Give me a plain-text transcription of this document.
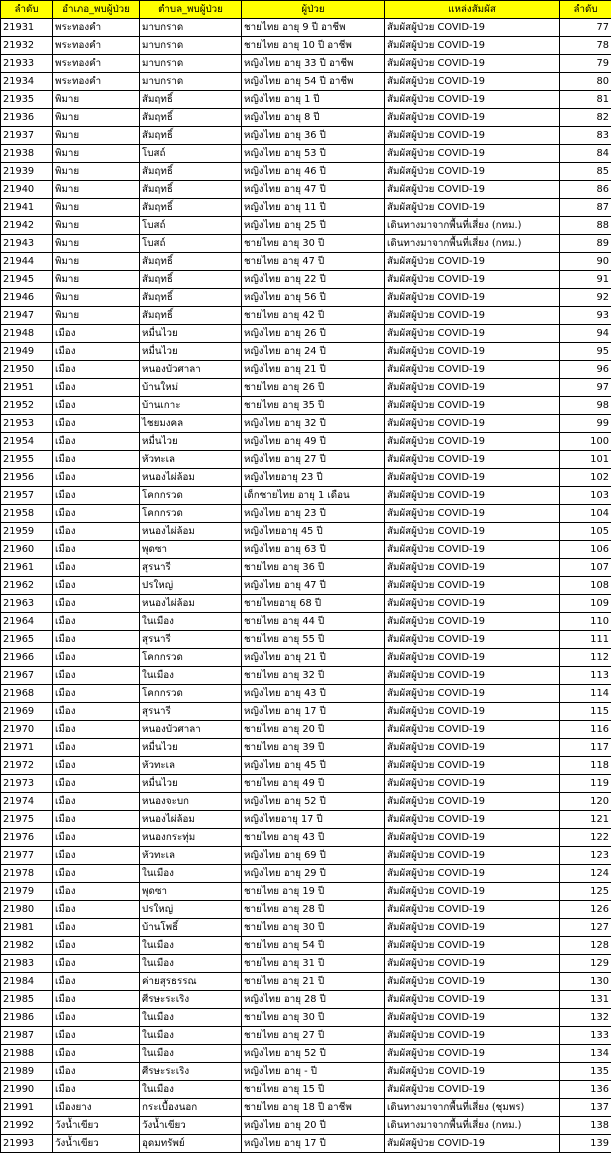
ลำดับ	อำเภอ_พบผู้ป่วย	ตำบล_พบผู้ป่วย	ผู้ป่วย	แหล่งสัมผัส	ลำดับ
21931	พระทองคำ	มาบกราด	ชายไทย อายุ 9 ปี อาชีพ	สัมผัสผู้ป่วย COVID-19	77
21932	พระทองคำ	มาบกราด	ชายไทย อายุ 10 ปี อาชีพ	สัมผัสผู้ป่วย COVID-19	78
21933	พระทองคำ	มาบกราด	หญิงไทย อายุ 33 ปี อาชีพ	สัมผัสผู้ป่วย COVID-19	79
21934	พระทองคำ	มาบกราด	หญิงไทย อายุ 54 ปี อาชีพ	สัมผัสผู้ป่วย COVID-19	80
21935	พิมาย	สัมฤทธิ์	หญิงไทย อายุ 1 ปี	สัมผัสผู้ป่วย COVID-19	81
21936	พิมาย	สัมฤทธิ์	หญิงไทย อายุ 8 ปี	สัมผัสผู้ป่วย COVID-19	82
21937	พิมาย	สัมฤทธิ์	หญิงไทย อายุ 36 ปี	สัมผัสผู้ป่วย COVID-19	83
21938	พิมาย	โบสถ์	หญิงไทย อายุ 53 ปี	สัมผัสผู้ป่วย COVID-19	84
21939	พิมาย	สัมฤทธิ์	หญิงไทย อายุ 46 ปี	สัมผัสผู้ป่วย COVID-19	85
21940	พิมาย	สัมฤทธิ์	หญิงไทย อายุ 47 ปี	สัมผัสผู้ป่วย COVID-19	86
21941	พิมาย	สัมฤทธิ์	หญิงไทย อายุ 11 ปี	สัมผัสผู้ป่วย COVID-19	87
21942	พิมาย	โบสถ์	หญิงไทย อายุ 25 ปี	เดินทางมาจากพื้นที่เสี่ยง (กทม.)	88
21943	พิมาย	โบสถ์	ชายไทย อายุ 30 ปี	เดินทางมาจากพื้นที่เสี่ยง (กทม.)	89
21944	พิมาย	สัมฤทธิ์	ชายไทย อายุ 47 ปี	สัมผัสผู้ป่วย COVID-19	90
21945	พิมาย	สัมฤทธิ์	หญิงไทย อายุ 22 ปี	สัมผัสผู้ป่วย COVID-19	91
21946	พิมาย	สัมฤทธิ์	หญิงไทย อายุ 56 ปี	สัมผัสผู้ป่วย COVID-19	92
21947	พิมาย	สัมฤทธิ์	ชายไทย อายุ 42 ปี	สัมผัสผู้ป่วย COVID-19	93
21948	เมือง	หมื่นไวย	หญิงไทย อายุ 26 ปี	สัมผัสผู้ป่วย COVID-19	94
21949	เมือง	หมื่นไวย	หญิงไทย อายุ 24 ปี	สัมผัสผู้ป่วย COVID-19	95
21950	เมือง	หนองบัวศาลา	หญิงไทย อายุ 21 ปี	สัมผัสผู้ป่วย COVID-19	96
21951	เมือง	บ้านใหม่	ชายไทย อายุ 26 ปี	สัมผัสผู้ป่วย COVID-19	97
21952	เมือง	บ้านเกาะ	ชายไทย อายุ 35 ปี	สัมผัสผู้ป่วย COVID-19	98
21953	เมือง	ไชยมงคล	หญิงไทย อายุ 32 ปี	สัมผัสผู้ป่วย COVID-19	99
21954	เมือง	หมื่นไวย	หญิงไทย อายุ 49 ปี	สัมผัสผู้ป่วย COVID-19	100
21955	เมือง	หัวทะเล	หญิงไทย อายุ 27 ปี	สัมผัสผู้ป่วย COVID-19	101
21956	เมือง	หนองไผ่ล้อม	หญิงไทยอายุ 23 ปี	สัมผัสผู้ป่วย COVID-19	102
21957	เมือง	โคกกรวด	เด็กชายไทย อายุ 1 เดือน	สัมผัสผู้ป่วย COVID-19	103
21958	เมือง	โคกกรวด	หญิงไทย อายุ 23 ปี	สัมผัสผู้ป่วย COVID-19	104
21959	เมือง	หนองไผ่ล้อม	หญิงไทยอายุ 45 ปี	สัมผัสผู้ป่วย COVID-19	105
21960	เมือง	พุดซา	หญิงไทย อายุ 63 ปี	สัมผัสผู้ป่วย COVID-19	106
21961	เมือง	สุรนารี	ชายไทย อายุ 36 ปี	สัมผัสผู้ป่วย COVID-19	107
21962	เมือง	ปรใหญ่	หญิงไทย อายุ 47 ปี	สัมผัสผู้ป่วย COVID-19	108
21963	เมือง	หนองไผ่ล้อม	ชายไทยอายุ 68 ปี	สัมผัสผู้ป่วย COVID-19	109
21964	เมือง	ในเมือง	ชายไทย อายุ 44 ปี	สัมผัสผู้ป่วย COVID-19	110
21965	เมือง	สุรนารี	ชายไทย อายุ 55 ปี	สัมผัสผู้ป่วย COVID-19	111
21966	เมือง	โคกกรวด	หญิงไทย อายุ 21 ปี	สัมผัสผู้ป่วย COVID-19	112
21967	เมือง	ในเมือง	ชายไทย อายุ 32 ปี	สัมผัสผู้ป่วย COVID-19	113
21968	เมือง	โคกกรวด	หญิงไทย อายุ 43 ปี	สัมผัสผู้ป่วย COVID-19	114
21969	เมือง	สุรนารี	หญิงไทย อายุ 17 ปี	สัมผัสผู้ป่วย COVID-19	115
21970	เมือง	หนองบัวศาลา	ชายไทย อายุ 20 ปี	สัมผัสผู้ป่วย COVID-19	116
21971	เมือง	หมื่นไวย	ชายไทย อายุ 39 ปี	สัมผัสผู้ป่วย COVID-19	117
21972	เมือง	หัวทะเล	หญิงไทย อายุ 45 ปี	สัมผัสผู้ป่วย COVID-19	118
21973	เมือง	หมื่นไวย	ชายไทย อายุ 49 ปี	สัมผัสผู้ป่วย COVID-19	119
21974	เมือง	หนองจะบก	หญิงไทย อายุ 52 ปี	สัมผัสผู้ป่วย COVID-19	120
21975	เมือง	หนองไผ่ล้อม	หญิงไทยอายุ 17 ปี	สัมผัสผู้ป่วย COVID-19	121
21976	เมือง	หนองกระทุ่ม	ชายไทย อายุ 43 ปี	สัมผัสผู้ป่วย COVID-19	122
21977	เมือง	หัวทะเล	หญิงไทย อายุ 69 ปี	สัมผัสผู้ป่วย COVID-19	123
21978	เมือง	ในเมือง	หญิงไทย อายุ 29 ปี	สัมผัสผู้ป่วย COVID-19	124
21979	เมือง	พุดซา	ชายไทย อายุ 19 ปี	สัมผัสผู้ป่วย COVID-19	125
21980	เมือง	ปรใหญ่	ชายไทย อายุ 28 ปี	สัมผัสผู้ป่วย COVID-19	126
21981	เมือง	บ้านโพธิ์	ชายไทย อายุ 30 ปี	สัมผัสผู้ป่วย COVID-19	127
21982	เมือง	ในเมือง	ชายไทย อายุ 54 ปี	สัมผัสผู้ป่วย COVID-19	128
21983	เมือง	ในเมือง	ชายไทย อายุ 31 ปี	สัมผัสผู้ป่วย COVID-19	129
21984	เมือง	ค่ายสุรธรรณ	ชายไทย อายุ 21 ปี	สัมผัสผู้ป่วย COVID-19	130
21985	เมือง	ศีรษะระเริง	หญิงไทย อายุ 28 ปี	สัมผัสผู้ป่วย COVID-19	131
21986	เมือง	ในเมือง	ชายไทย อายุ 30 ปี	สัมผัสผู้ป่วย COVID-19	132
21987	เมือง	ในเมือง	ชายไทย อายุ 27 ปี	สัมผัสผู้ป่วย COVID-19	133
21988	เมือง	ในเมือง	หญิงไทย อายุ 52 ปี	สัมผัสผู้ป่วย COVID-19	134
21989	เมือง	ศีรษะระเริง	หญิงไทย อายุ - ปี	สัมผัสผู้ป่วย COVID-19	135
21990	เมือง	ในเมือง	ชายไทย อายุ 15 ปี	สัมผัสผู้ป่วย COVID-19	136
21991	เมืองยาง	กระเบื้องนอก	ชายไทย อายุ 18 ปี อาชีพ	เดินทางมาจากพื้นที่เสี่ยง (ชุมพร)	137
21992	วังน้ำเขียว	วังน้ำเขียว	หญิงไทย อายุ 20 ปี	เดินทางมาจากพื้นที่เสี่ยง (กทม.)	138
21993	วังน้ำเขียว	อุดมทรัพย์	หญิงไทย อายุ 17 ปี	สัมผัสผู้ป่วย COVID-19	139
